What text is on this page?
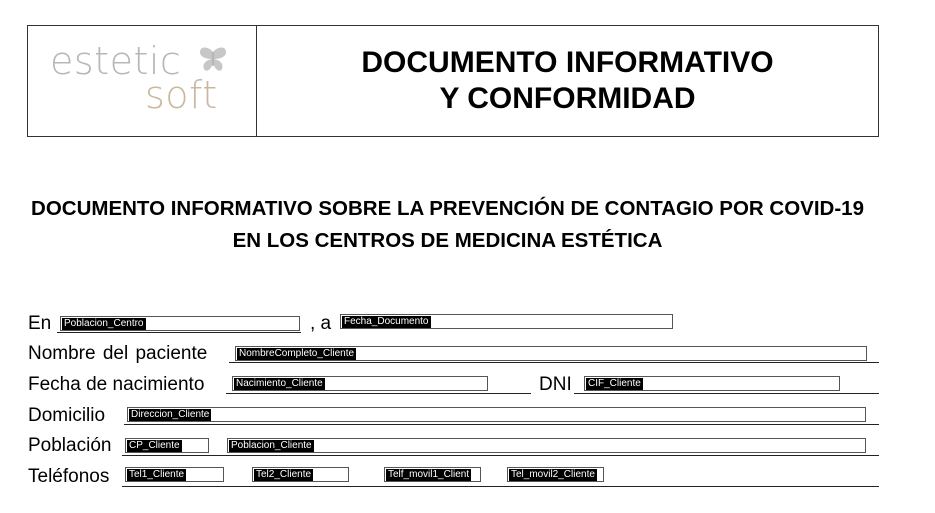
estetic
soft
DOCUMENTO INFORMATIVO
Y CONFORMIDAD
DOCUMENTO INFORMATIVO SOBRE LA PREVENCIÓN DE CONTAGIO POR COVID-19
EN LOS CENTROS DE MEDICINA ESTÉTICA
En Poblacion_Centro	, a Fecha_Documento
Nombre del paciente	NombreCompleto_Cliente
Fecha de nacimiento	Nacimiento_Cliente	DNI CIF_Cliente
Domicilio	Direccion_Cliente
Población CP_Cliente	Poblacion_Cliente
Teléfonos Tel1_Cliente	Tel2_Cliente	Telf_movil1_Client	Tel_movil2_Cliente
